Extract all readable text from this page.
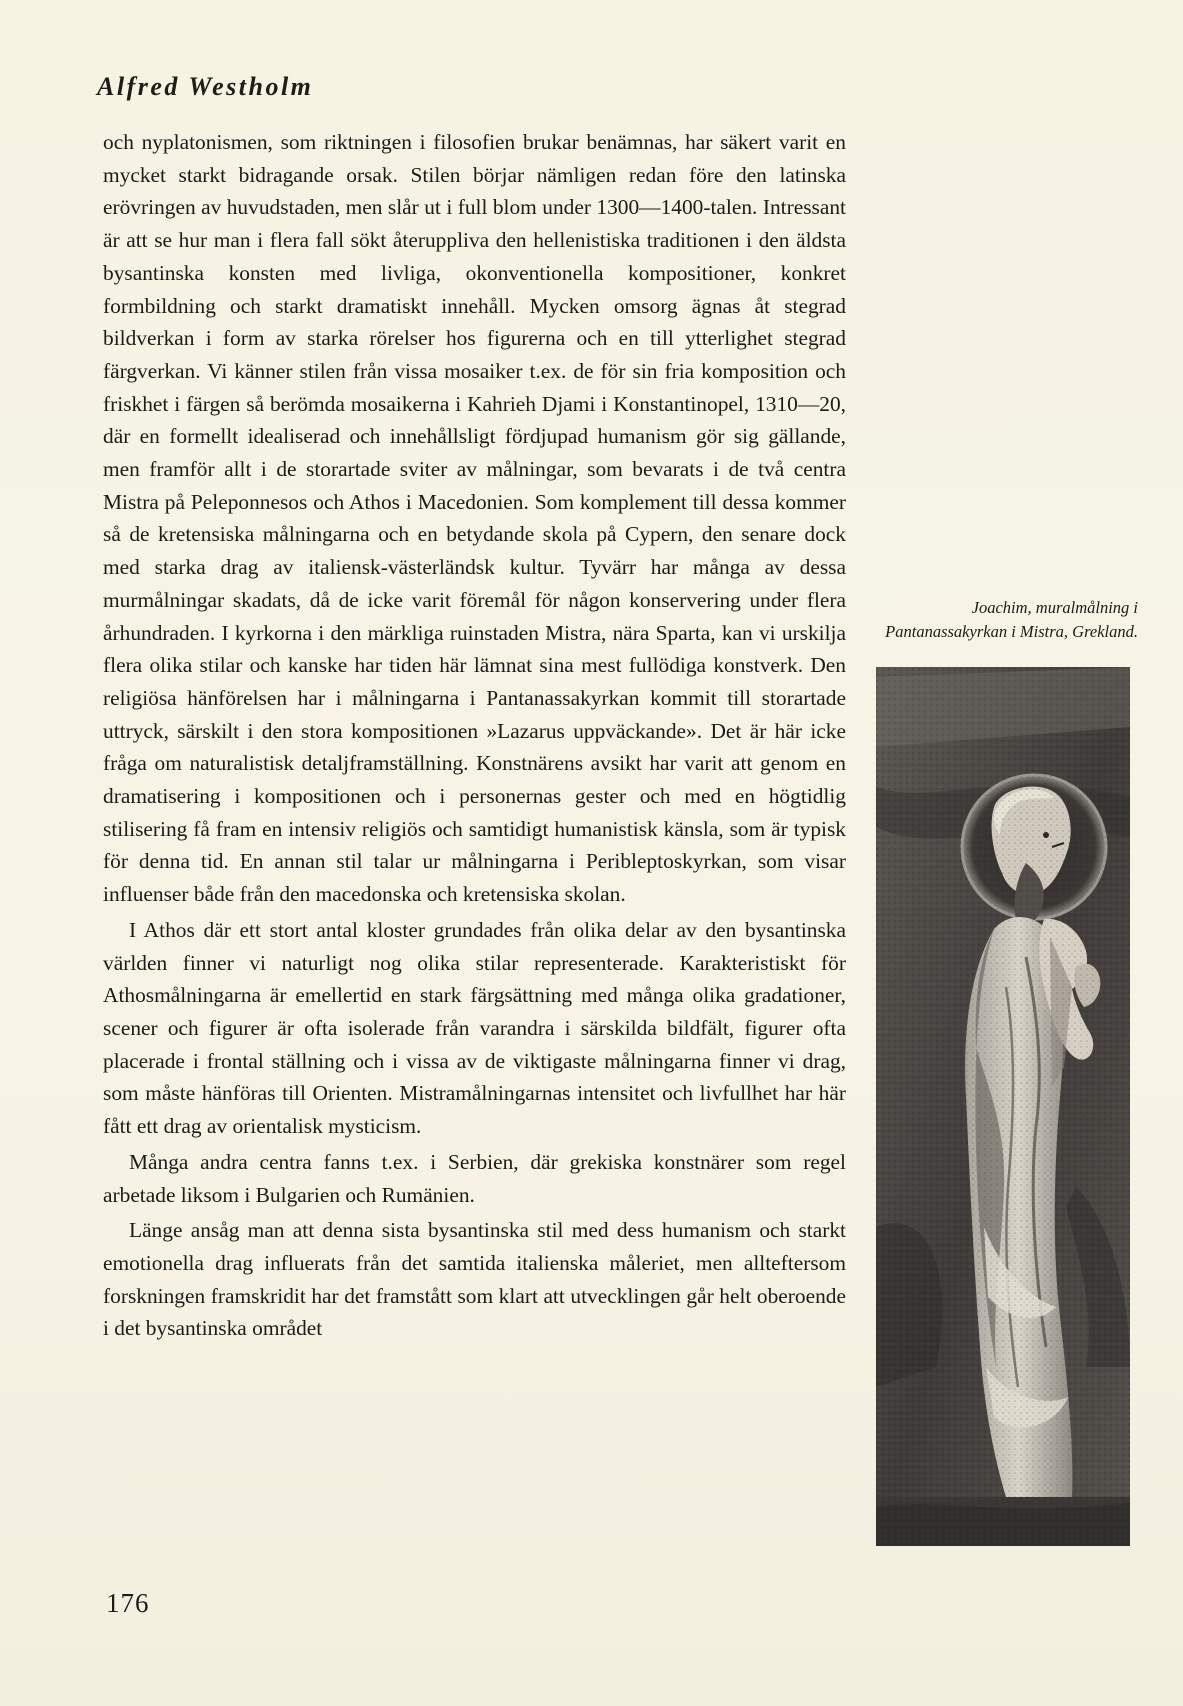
Alfred Westholm

och nyplatonismen, som riktningen i filosofien brukar benämnas, har säkert varit en mycket starkt bidragande orsak. Stilen börjar nämligen redan före den latinska erövringen av huvudstaden, men slår ut i full blom under 1300—1400-talen. Intressant är att se hur man i flera fall sökt återuppliva den hellenistiska traditionen i den äldsta bysantinska konsten med livliga, okonventionella kompositioner, konkret formbildning och starkt dramatiskt innehåll. Mycken omsorg ägnas åt stegrad bildverkan i form av starka rörelser hos figurerna och en till ytterlighet stegrad färgverkan. Vi känner stilen från vissa mosaiker t.ex. de för sin fria komposition och friskhet i färgen så berömda mosaikerna i Kahrieh Djami i Konstantinopel, 1310—20, där en formellt idealiserad och innehållsligt fördjupad humanism gör sig gällande, men framför allt i de storartade sviter av målningar, som bevarats i de två centra Mistra på Peleponnesos och Athos i Macedonien. Som komplement till dessa kommer så de kretensiska målningarna och en betydande skola på Cypern, den senare dock med starka drag av italiensk-västerländsk kultur. Tyvärr har många av dessa murmålningar skadats, då de icke varit föremål för någon konservering under flera århundraden. I kyrkorna i den märkliga ruinstaden Mistra, nära Sparta, kan vi urskilja flera olika stilar och kanske har tiden här lämnat sina mest fullödiga konstverk. Den religiösa hänförelsen har i målningarna i Pantanassakyrkan kommit till storartade uttryck, särskilt i den stora kompositionen »Lazarus uppväckande». Det är här icke fråga om naturalistisk detaljframställning. Konstnärens avsikt har varit att genom en dramatisering i kompositionen och i personernas gester och med en högtidlig stilisering få fram en intensiv religiös och samtidigt humanistisk känsla, som är typisk för denna tid. En annan stil talar ur målningarna i Peribleptoskyrkan, som visar influenser både från den macedonska och kretensiska skolan.

I Athos där ett stort antal kloster grundades från olika delar av den bysantinska världen finner vi naturligt nog olika stilar representerade. Karakteristiskt för Athosmålningarna är emellertid en stark färgsättning med många olika gradationer, scener och figurer är ofta isolerade från varandra i särskilda bildfält, figurer ofta placerade i frontal ställning och i vissa av de viktigaste målningarna finner vi drag, som måste hänföras till Orienten. Mistramålningarnas intensitet och livfullhet har här fått ett drag av orientalisk mysticism.

Många andra centra fanns t.ex. i Serbien, där grekiska konstnärer som regel arbetade liksom i Bulgarien och Rumänien.

Länge ansåg man att denna sista bysantinska stil med dess humanism och starkt emotionella drag influerats från det samtida italienska måleriet, men allteftersom forskningen framskridit har det framstått som klart att utvecklingen går helt oberoende i det bysantinska området

Joachim, muralmålning i Pantanassakyrkan i Mistra, Grekland.

176
